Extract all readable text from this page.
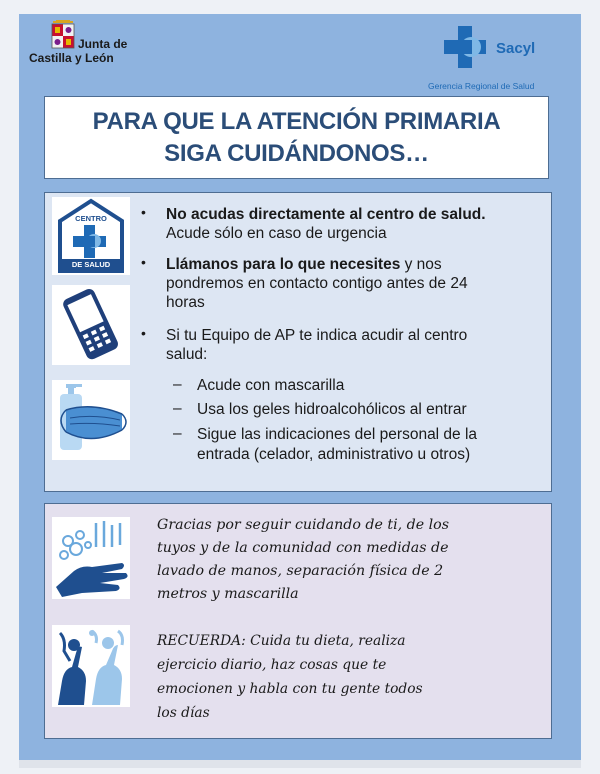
Junta de
Castilla y León
Sacyl
Gerencia Regional de Salud
PARA QUE LA ATENCIÓN PRIMARIA
SIGA CUIDÁNDONOS…
CENTRO
DE SALUD
• No acudas directamente al centro de salud.
Acude sólo en caso de urgencia
• Llámanos para lo que necesites y nos
pondremos en contacto contigo antes de 24
horas
• Si tu Equipo de AP te indica acudir al centro
salud:
– Acude con mascarilla
– Usa los geles hidroalcohólicos al entrar
– Sigue las indicaciones del personal de la
entrada (celador, administrativo u otros)
Gracias por seguir cuidando de ti, de los
tuyos y de la comunidad con medidas de
lavado de manos, separación física de 2
metros y mascarilla
RECUERDA: Cuida tu dieta, realiza
ejercicio diario, haz cosas que te
emocionen y habla con tu gente todos
los días
